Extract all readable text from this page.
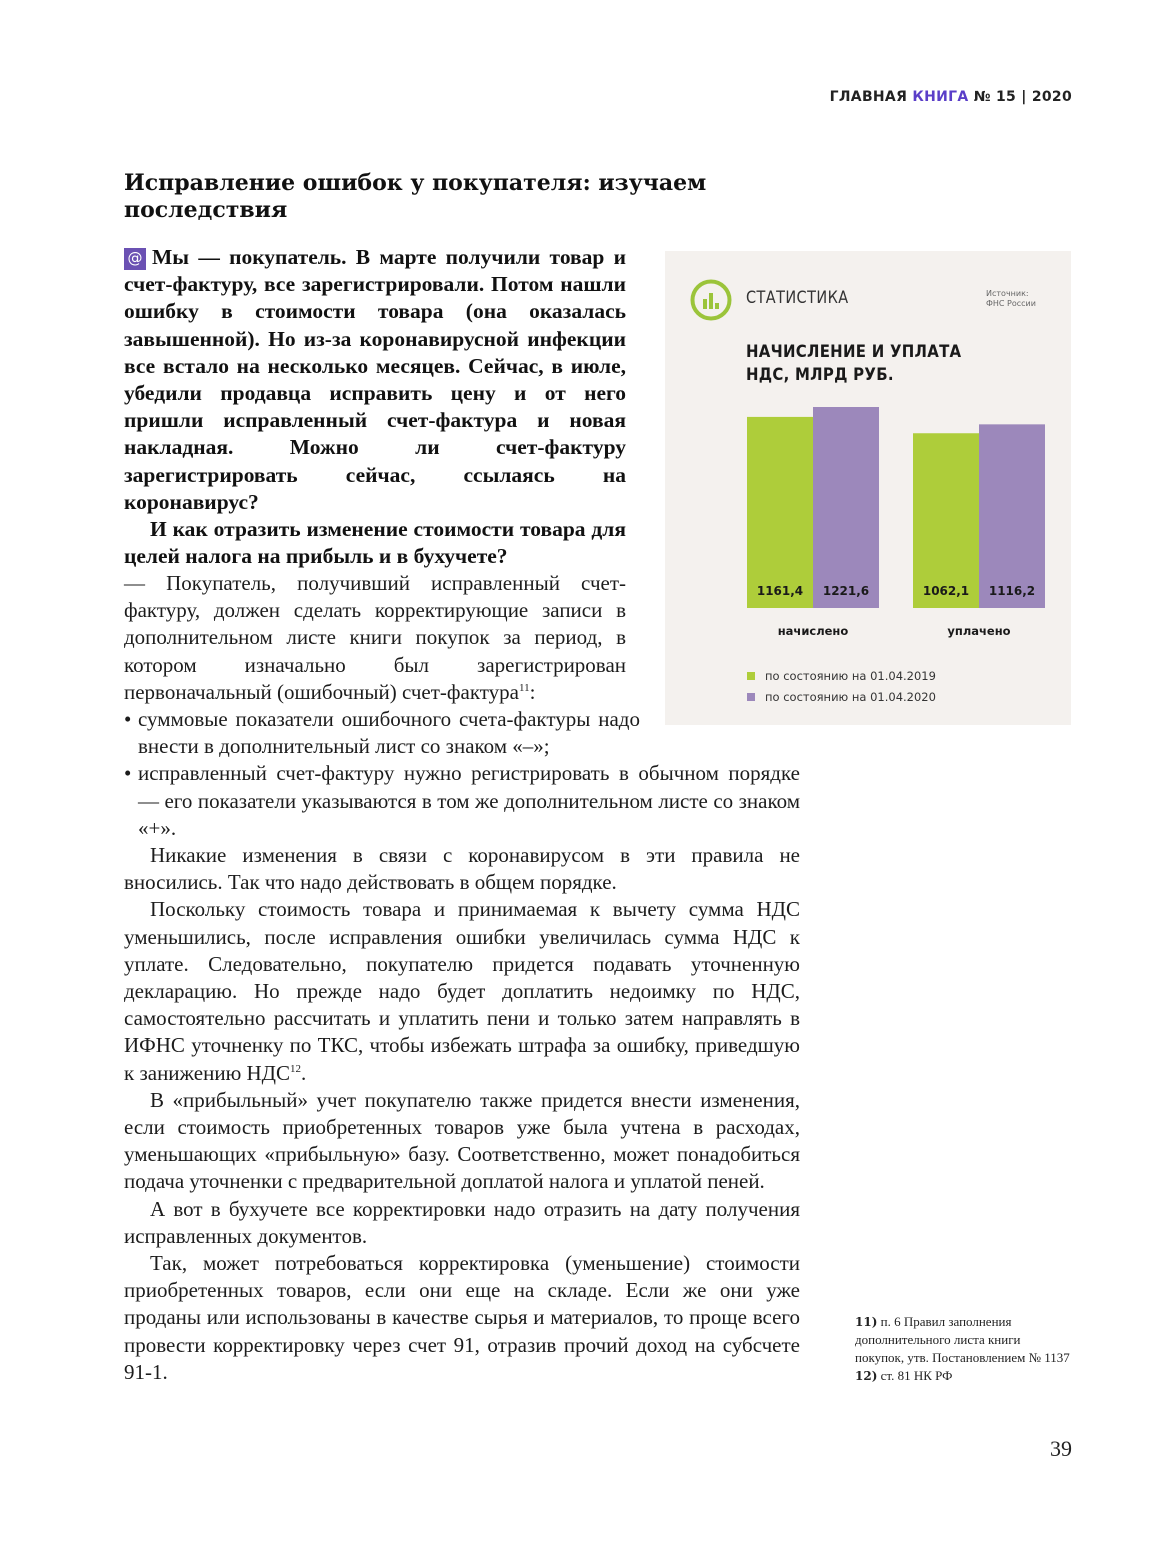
ГЛАВНАЯ КНИГА № 15 | 2020
Исправление ошибок у покупателя: изучаем последствия
@ Мы — покупатель. В марте получили товар и счет-фактуру, все зарегистрировали. Потом нашли ошибку в стоимости товара (она оказалась завышенной). Но из-за коронавирусной инфекции все встало на несколько месяцев. Сейчас, в июле, убедили продавца исправить цену и от него пришли исправленный счет-фактура и новая накладная. Можно ли счет-фактуру зарегистрировать сейчас, ссылаясь на коронавирус?
И как отразить изменение стоимости товара для целей налога на прибыль и в бухучете?

— Покупатель, получивший исправленный счет-фактуру, должен сделать корректирующие записи в дополнительном листе книги покупок за период, в котором изначально был зарегистрирован первоначальный (ошибочный) счет-фактура$^{11}$:

• суммовые показатели ошибочного счета-фактуры надо внести в дополнительный лист со знаком «–»;

• исправленный счет-фактуру нужно регистрировать в обычном порядке — его показатели указываются в том же дополнительном листе со знаком «+».

Никакие изменения в связи с коронавирусом в эти правила не вносились. Так что надо действовать в общем порядке.

Поскольку стоимость товара и принимаемая к вычету сумма НДС уменьшились, после исправления ошибки увеличилась сумма НДС к уплате. Следовательно, покупателю придется подавать уточненную декларацию. Но прежде надо будет доплатить недоимку по НДС, самостоятельно рассчитать и уплатить пени и только затем направлять в ИФНС уточненку по ТКС, чтобы избежать штрафа за ошибку, приведшую к занижению НДС$^{12}$.

В «прибыльный» учет покупателю также придется внести изменения, если стоимость приобретенных товаров уже была учтена в расходах, уменьшающих «прибыльную» базу. Соответственно, может понадобиться подача уточненки с предварительной доплатой налога и уплатой пеней.

А вот в бухучете все корректировки надо отразить на дату получения исправленных документов.

Так, может потребоваться корректировка (уменьшение) стоимости приобретенных товаров, если они еще на складе. Если же они уже проданы или использованы в качестве сырья и материалов, то проще всего провести корректировку через счет 91, отразив прочий доход на субсчете 91-1.

СТАТИСТИКА	Источник:
ФНС России
НАЧИСЛЕНИЕ И УПЛАТА НДС, МЛРД РУБ.
1161,4 1221,6
начислено
1062,1 1116,2
уплачено
по состоянию на 01.04.2019
по состоянию на 01.04.2020

11) п. 6 Правил заполнения дополнительного листа книги покупок, утв. Постановлением № 1137

12) ст. 81 НК РФ

39
